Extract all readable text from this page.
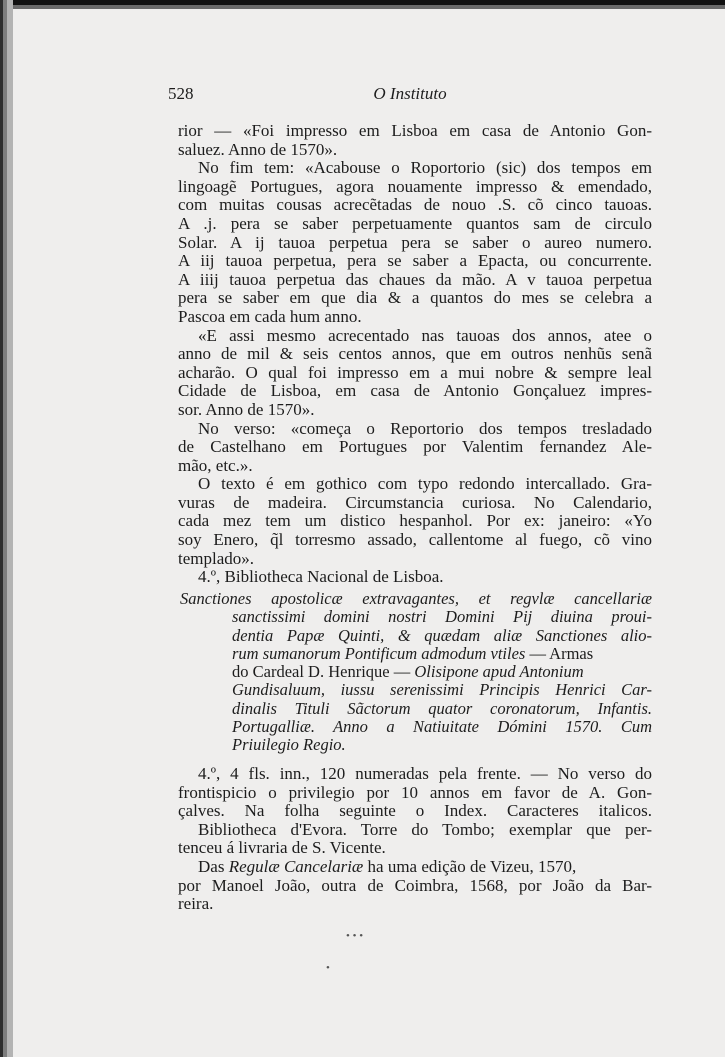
528	O Instituto
rior — «Foi impresso em Lisboa em casa de Antonio Gon-
saluez. Anno de 1570».
No fim tem: «Acabouse o Roportorio (sic) dos tempos em
lingoagẽ Portugues, agora nouamente impresso & emendado,
com muitas cousas acrecẽtadas de nouo .S. cõ cinco tauoas.
A .j. pera se saber perpetuamente quantos sam de circulo
Solar. A ij tauoa perpetua pera se saber o aureo numero.
A iij tauoa perpetua, pera se saber a Epacta, ou concurrente.
A iiij tauoa perpetua das chaues da mão. A v tauoa perpetua
pera se saber em que dia & a quantos do mes se celebra a
Pascoa em cada hum anno.
«E assi mesmo acrecentado nas tauoas dos annos, atee o
anno de mil & seis centos annos, que em outros nenhũs senã
acharão. O qual foi impresso em a mui nobre & sempre leal
Cidade de Lisboa, em casa de Antonio Gonçaluez impres-
sor. Anno de 1570».
No verso: «começa o Reportorio dos tempos tresladado
de Castelhano em Portugues por Valentim fernandez Ale-
mão, etc.».
O texto é em gothico com typo redondo intercallado. Gra-
vuras de madeira. Circumstancia curiosa. No Calendario,
cada mez tem um distico hespanhol. Por ex: janeiro: «Yo
soy Enero, q̃l torresmo assado, callentome al fuego, cõ vino
templado».
4.º, Bibliotheca Nacional de Lisboa.
Sanctiones apostolicæ extravagantes, et regvlæ cancellariæ
sanctissimi domini nostri Domini Pij diuina proui-
dentia Papæ Quinti, & quædam aliæ Sanctiones alio-
rum sumanorum Pontificum admodum vtiles — Armas
do Cardeal D. Henrique — Olisipone apud Antonium
Gundisaluum, iussu serenissimi Principis Henrici Car-
dinalis Tituli Sãctorum quator coronatorum, Infantis.
Portugalliæ. Anno a Natiuitate Dómini 1570. Cum
Priuilegio Regio.
4.º, 4 fls. inn., 120 numeradas pela frente. — No verso do
frontispicio o privilegio por 10 annos em favor de A. Gon-
çalves. Na folha seguinte o Index. Caracteres italicos.
Bibliotheca d'Evora. Torre do Tombo; exemplar que per-
tenceu á livraria de S. Vicente.
Das Regulæ Cancelariæ ha uma edição de Vizeu, 1570,
por Manoel João, outra de Coimbra, 1568, por João da Bar-
reira.
• • •
•
